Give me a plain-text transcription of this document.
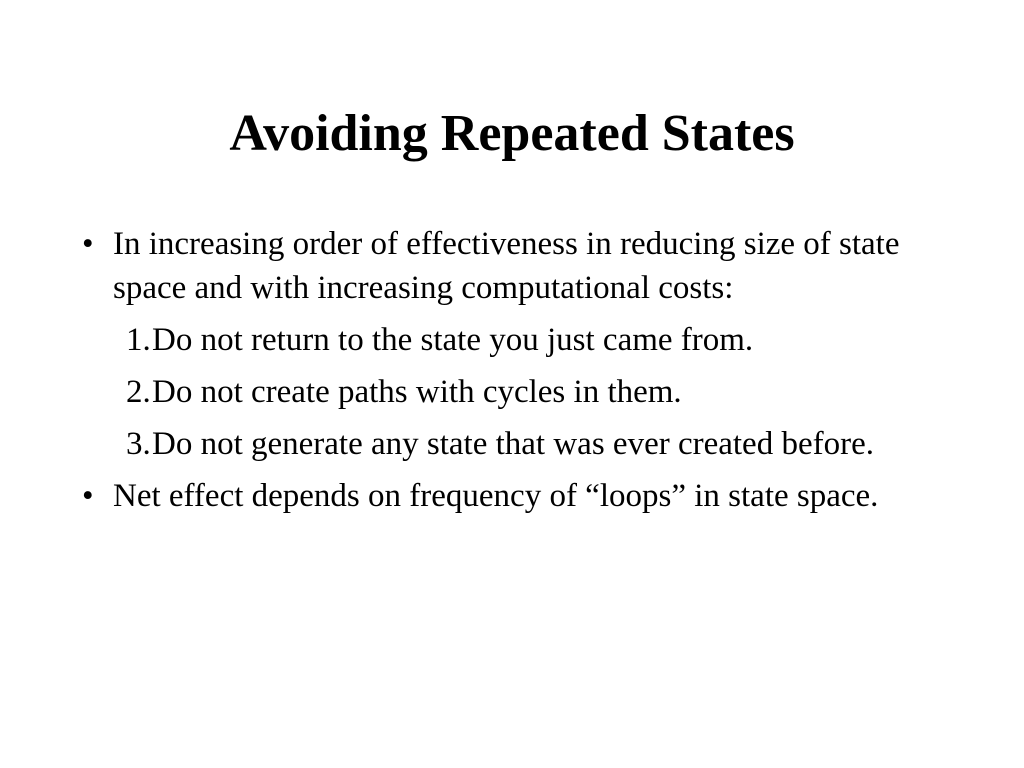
Avoiding Repeated States
• In increasing order of effectiveness in reducing size of state space and with increasing computational costs:
1. Do not return to the state you just came from.
2. Do not create paths with cycles in them.
3. Do not generate any state that was ever created before.
• Net effect depends on frequency of “loops” in state space.
